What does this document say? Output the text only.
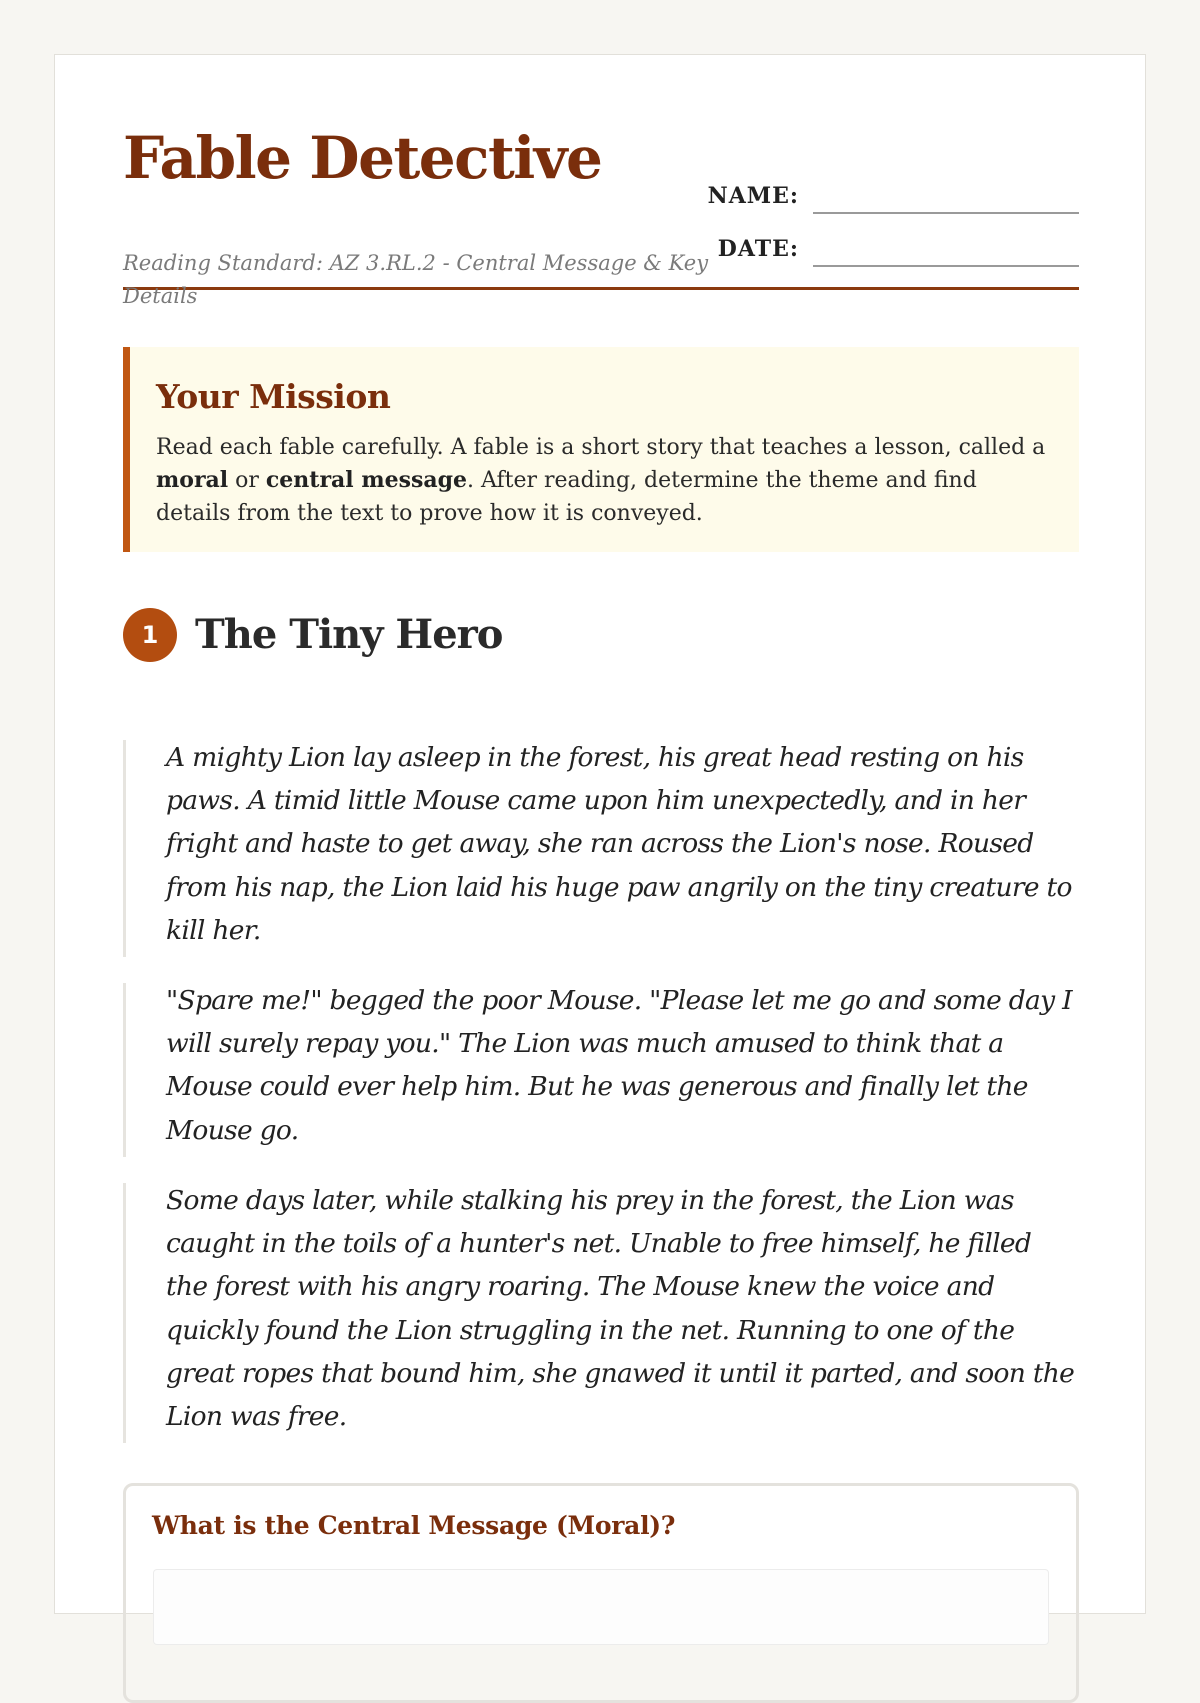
Fable Detective

Reading Standard: AZ 3.RL.2 - Central Message & Key Details

NAME:
DATE:
Your Mission

Read each fable carefully. A fable is a short story that teaches a lesson, called a moral or central message. After reading, determine the theme and find details from the text to prove how it is conveyed.

1 The Tiny Hero

A mighty Lion lay asleep in the forest, his great head resting on his paws. A timid little Mouse came upon him unexpectedly, and in her fright and haste to get away, she ran across the Lion's nose. Roused from his nap, the Lion laid his huge paw angrily on the tiny creature to kill her.

"Spare me!" begged the poor Mouse. "Please let me go and some day I will surely repay you." The Lion was much amused to think that a Mouse could ever help him. But he was generous and finally let the Mouse go.

Some days later, while stalking his prey in the forest, the Lion was caught in the toils of a hunter's net. Unable to free himself, he filled the forest with his angry roaring. The Mouse knew the voice and quickly found the Lion struggling in the net. Running to one of the great ropes that bound him, she gnawed it until it parted, and soon the Lion was free.

What is the Central Message (Moral)?
